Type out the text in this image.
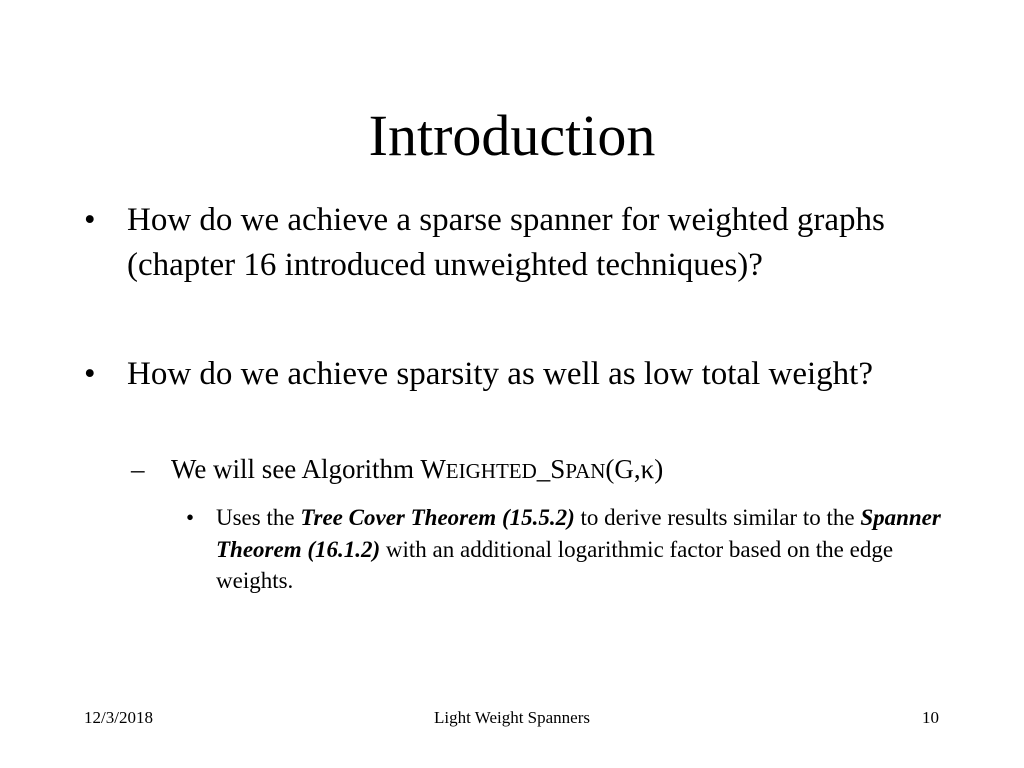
Introduction

• How do we achieve a sparse spanner for weighted graphs (chapter 16 introduced unweighted techniques)?

• How do we achieve sparsity as well as low total weight?

– We will see Algorithm WEIGHTED_SPAN(G,κ)

• Uses the Tree Cover Theorem (15.5.2) to derive results similar to the Spanner Theorem (16.1.2) with an additional logarithmic factor based on the edge weights.

12/3/2018	Light Weight Spanners	10
